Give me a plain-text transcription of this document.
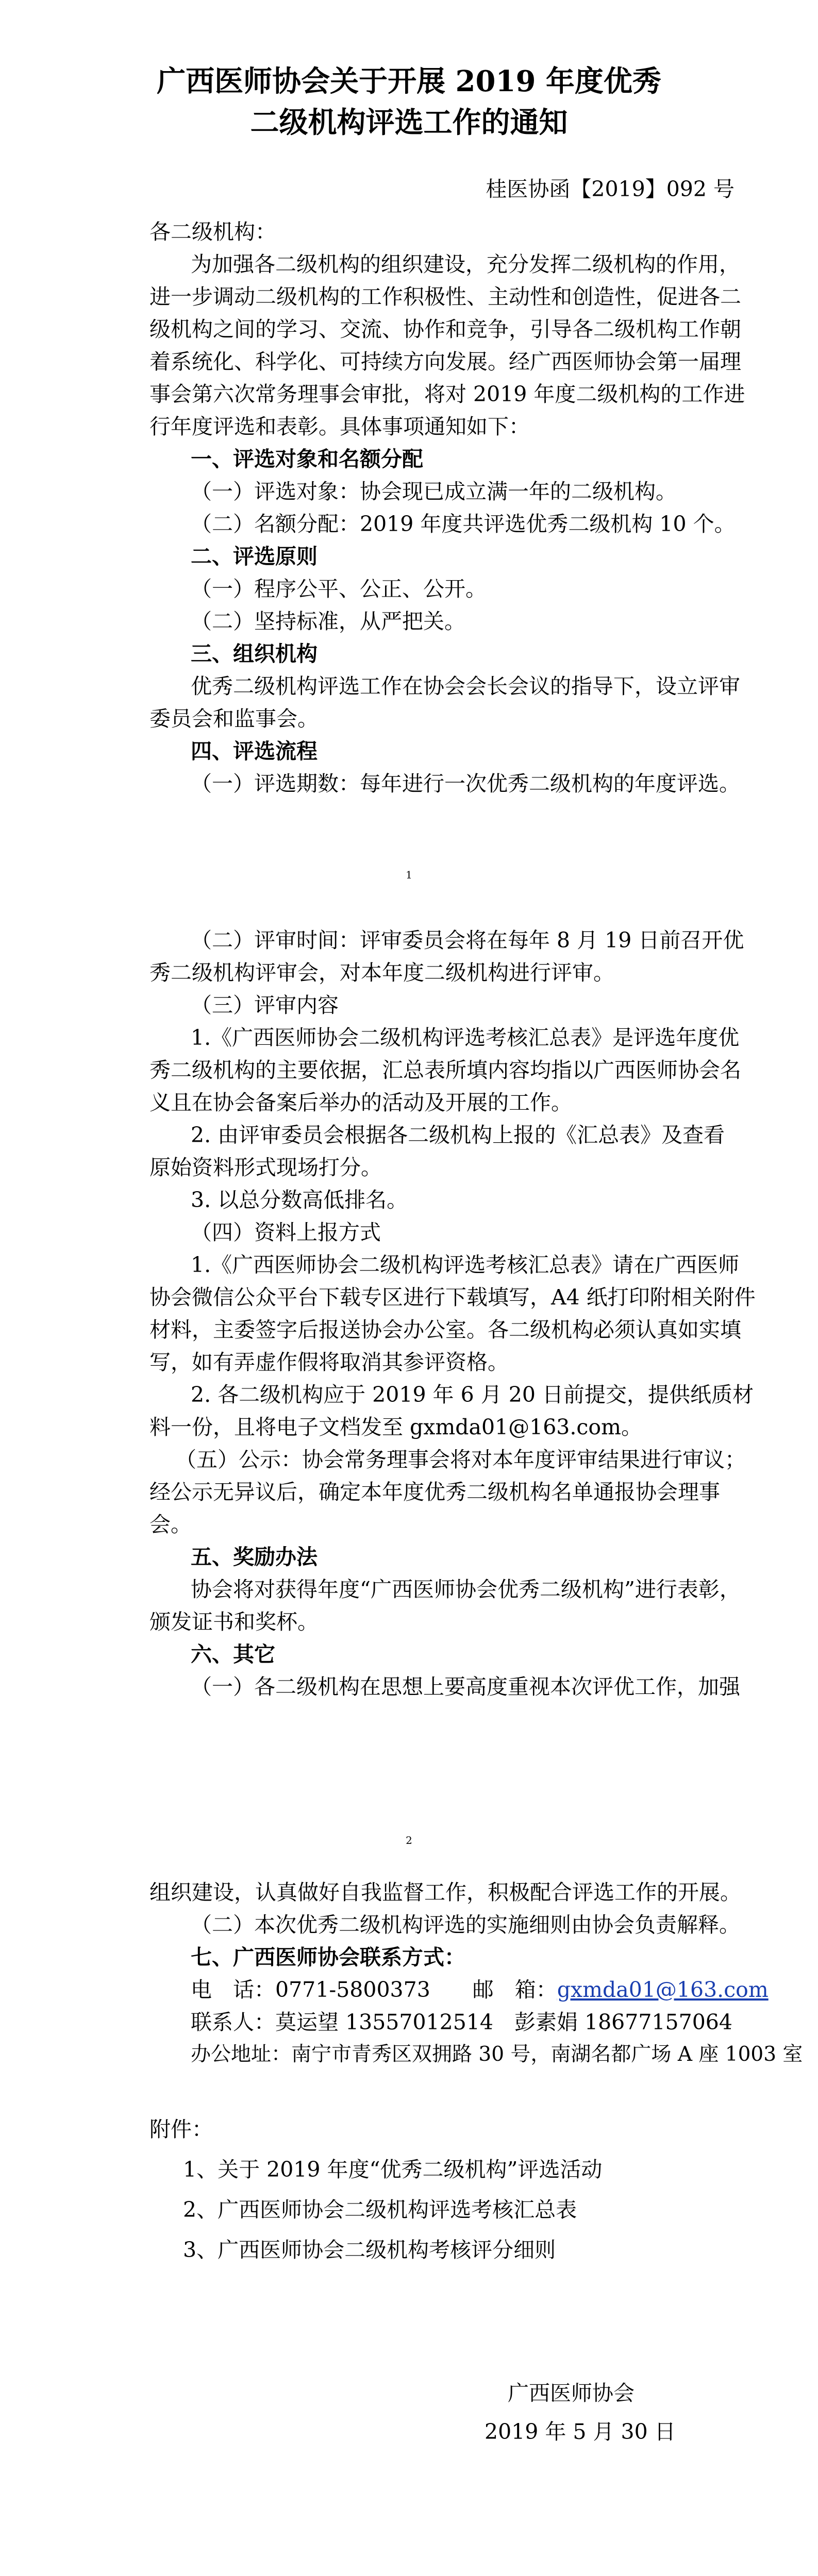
广西医师协会关于开展 2019 年度优秀
二级机构评选工作的通知
桂医协函【2019】092 号
各二级机构：
为加强各二级机构的组织建设，充分发挥二级机构的作用，
进一步调动二级机构的工作积极性、主动性和创造性，促进各二
级机构之间的学习、交流、协作和竞争，引导各二级机构工作朝
着系统化、科学化、可持续方向发展。经广西医师协会第一届理
事会第六次常务理事会审批，将对 2019 年度二级机构的工作进
行年度评选和表彰。具体事项通知如下：
一、评选对象和名额分配
（一）评选对象：协会现已成立满一年的二级机构。
（二）名额分配：2019 年度共评选优秀二级机构 10 个。
二、评选原则
（一）程序公平、公正、公开。
（二）坚持标准，从严把关。
三、组织机构
优秀二级机构评选工作在协会会长会议的指导下，设立评审
委员会和监事会。
四、评选流程
（一）评选期数：每年进行一次优秀二级机构的年度评选。
1
（二）评审时间：评审委员会将在每年 8 月 19 日前召开优
秀二级机构评审会，对本年度二级机构进行评审。
（三）评审内容
1.《广西医师协会二级机构评选考核汇总表》是评选年度优
秀二级机构的主要依据，汇总表所填内容均指以广西医师协会名
义且在协会备案后举办的活动及开展的工作。
2. 由评审委员会根据各二级机构上报的《汇总表》及查看
原始资料形式现场打分。
3. 以总分数高低排名。
（四）资料上报方式
1.《广西医师协会二级机构评选考核汇总表》请在广西医师
协会微信公众平台下载专区进行下载填写，A4 纸打印附相关附件
材料，主委签字后报送协会办公室。各二级机构必须认真如实填
写，如有弄虚作假将取消其参评资格。
2. 各二级机构应于 2019 年 6 月 20 日前提交，提供纸质材
料一份，且将电子文档发至 gxmda01@163.com。
（五）公示：协会常务理事会将对本年度评审结果进行审议；
经公示无异议后，确定本年度优秀二级机构名单通报协会理事
会。
五、奖励办法
协会将对获得年度“广西医师协会优秀二级机构”进行表彰，
颁发证书和奖杯。
六、其它
（一）各二级机构在思想上要高度重视本次评优工作，加强
2
组织建设，认真做好自我监督工作，积极配合评选工作的开展。
（二）本次优秀二级机构评选的实施细则由协会负责解释。
七、广西医师协会联系方式：
电　话：0771-5800373　　邮　箱：gxmda01@163.com
联系人：莫运望 13557012514　彭素娟 18677157064
办公地址：南宁市青秀区双拥路 30 号，南湖名都广场 A 座 1003 室
附件：
1、关于 2019 年度“优秀二级机构”评选活动
2、广西医师协会二级机构评选考核汇总表
3、广西医师协会二级机构考核评分细则
广西医师协会
2019 年 5 月 30 日
